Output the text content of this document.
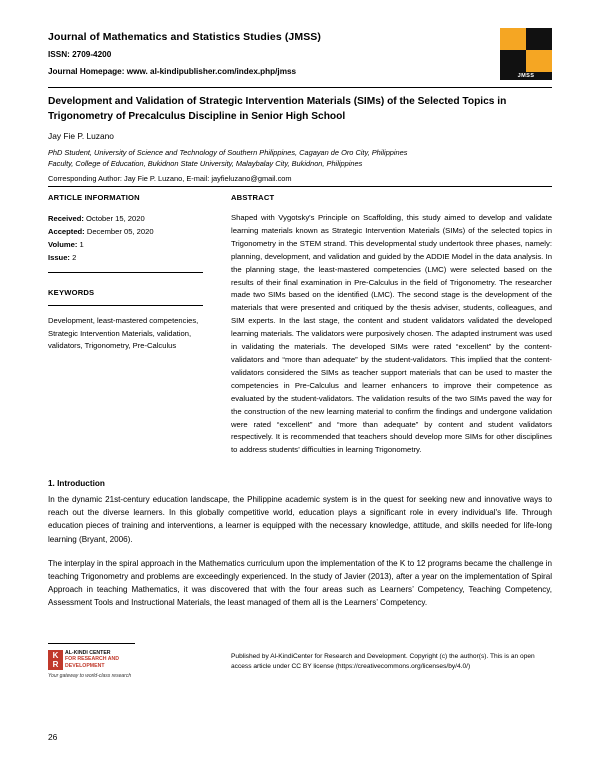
Journal of Mathematics and Statistics Studies (JMSS)
ISSN: 2709-4200
Journal Homepage: www. al-kindipublisher.com/index.php/jmss	JMSS
Development and Validation of Strategic Intervention Materials (SIMs) of the Selected Topics in Trigonometry of Precalculus Discipline in Senior High School
Jay Fie P. Luzano
PhD Student, University of Science and Technology of Southern Philippines, Cagayan de Oro City, Philippines
Faculty, College of Education, Bukidnon State University, Malaybalay City, Bukidnon, Philippines
Corresponding Author: Jay Fie P. Luzano, E-mail: jayfieluzano@gmail.com
ARTICLE INFORMATION
Received: October 15, 2020
Accepted: December 05, 2020
Volume: 1
Issue: 2
KEYWORDS
Development, least-mastered competencies, Strategic Intervention Materials, validation, validators, Trigonometry, Pre-Calculus
ABSTRACT
Shaped with Vygotsky's Principle on Scaffolding, this study aimed to develop and validate learning materials known as Strategic Intervention Materials (SIMs) of the selected topics in Trigonometry in the STEM strand. This developmental study undertook three phases, namely: planning, development, and validation and guided by the ADDIE Model in the data analysis. In the planning stage, the least-mastered competencies (LMC) were selected based on the results of their final examination in Pre-Calculus in the field of Trigonometry. The researcher made two SIMs based on the identified (LMC). The second stage is the development of the materials that were presented and critiqued by the thesis adviser, students, colleagues, and SIM experts. In the last stage, the content and student validators validated the developed learning materials. The validators were purposively chosen. The adapted instrument was used in validating the materials. The developed SIMs were rated “excellent” by the content-validators and “more than adequate” by the student-validators. This implied that the content-validators considered the SIMs as teacher support materials that can be used to master the competencies in Pre-Calculus and learner enhancers to improve their competence as evaluated by the student-validators. The validation results of the two SIMs paved the way for the construction of the new learning material to confirm the findings and undergone validation were rated “excellent” and “more than adequate” by content and student validators respectively. It is recommended that teachers should develop more SIMs for other disciplines to address students’ difficulties in learning Trigonometry.
1. Introduction
In the dynamic 21st-century education landscape, the Philippine academic system is in the quest for seeking new and innovative ways to reach out the diverse learners. In this globally competitive world, education plays a significant role in every individual's life. Through education pieces of training and interventions, a learner is equipped with the necessary knowledge, attitude, and skills needed for life-long learning (Bryant, 2006).
The interplay in the spiral approach in the Mathematics curriculum upon the implementation of the K to 12 programs became the challenge in teaching Trigonometry and problems are exceedingly experienced. In the study of Javier (2013), after a year on the implementation of Spiral Approach in teaching Mathematics, it was discovered that with the four areas such as Learners’ Competency, Teaching Competency, Assessment Tools and Instructional Materials, the least managed of them all is the Learners’ Competency.
K
R
AL-KINDI CENTER
FOR RESEARCH AND
DEVELOPMENT
Your gateway to world-class research
Published by Al-KindiCenter for Research and Development. Copyright (c) the author(s). This is an open access article under CC BY license (https://creativecommons.org/licenses/by/4.0/)
26
